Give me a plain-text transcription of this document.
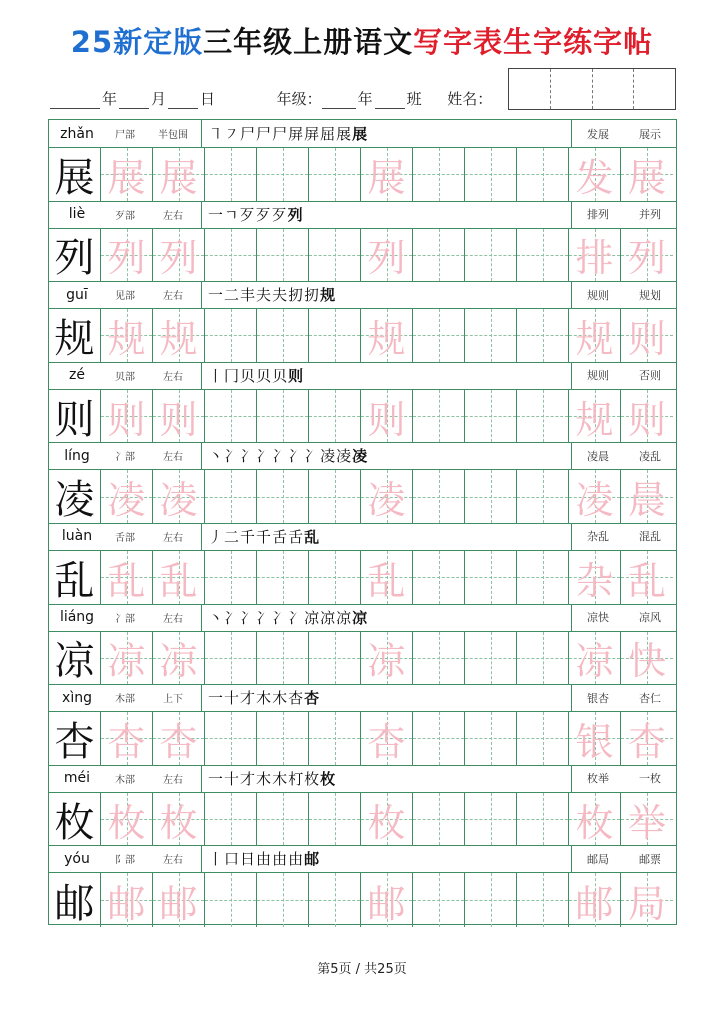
25新定版三年级上册语文写字表生字练字帖
年 月 日	年级： 年 班 姓名：
zhǎn	尸部	半包围	㇕ ㇇ 尸 尸 尸 屏 屏 屈 展 展	发展	展示
展 展 展	展	发 展
liè	歹部	左右	一 ㄱ 歹 歹 歹 列	排列	并列
列 列 列	列	排 列
guī	见部	左右	一 二 丰 夫 夫 扨 扨 规	规则	规划
规 规 规	规	规 则
zé	贝部	左右	丨 冂 贝 贝 贝 则	规则	否则
则 则 则	则	规 则
líng	冫部	左右	丶 冫 冫 冫 冫 冫 冫 凌 凌 凌	凌晨	凌乱
凌 凌 凌	凌	凌 晨
luàn	舌部	左右	丿 二 千 千 舌 舌 乱	杂乱	混乱
乱 乱 乱	乱	杂 乱
liáng	冫部	左右	丶 冫 冫 冫 冫 冫 凉 凉 凉 凉	凉快	凉风
凉 凉 凉	凉	凉 快
xìng	木部	上下	一 十 才 木 木 杏 杏	银杏	杏仁
杏 杏 杏	杏	银 杏
méi	木部	左右	一 十 才 木 木 朾 枚 枚	枚举	一枚
枚 枚 枚	枚	枚 举
yóu	阝部	左右	丨 口 日 由 由 由 邮	邮局	邮票
邮 邮 邮	邮	邮 局
第5页 / 共25页
